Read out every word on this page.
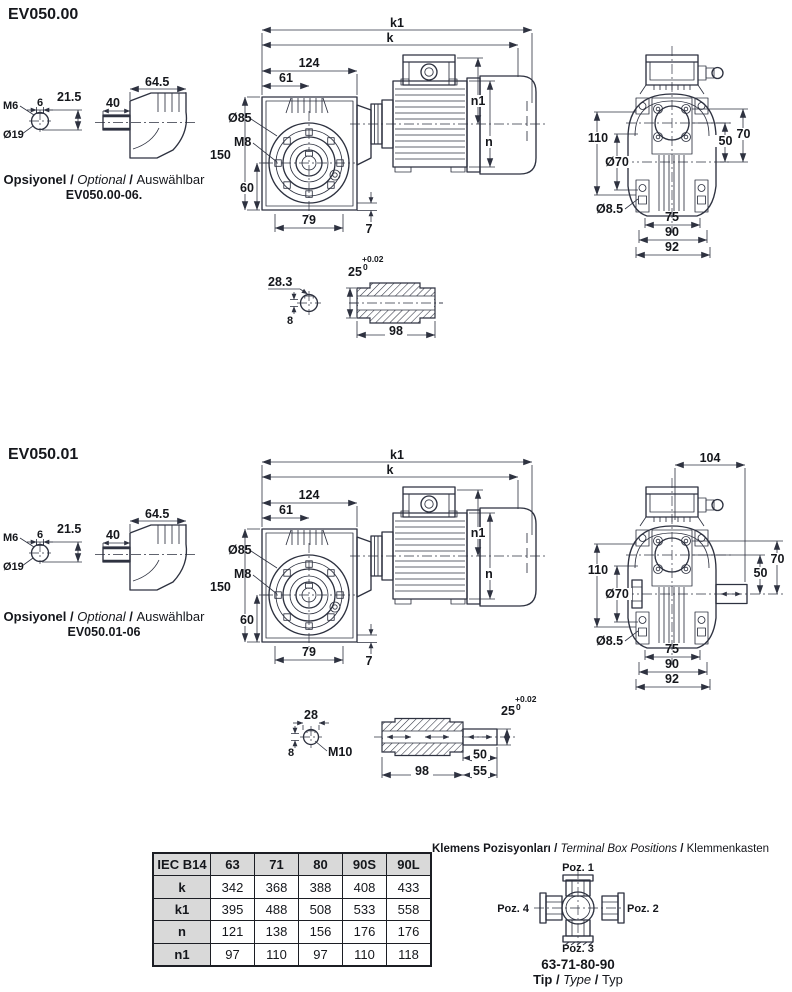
EV050.00
M6 6 21.5
Ø19
64.5
40
Opsiyonel / Optional / Auswählbar
EV050.00-06.
k1
k
124
61
Ø85
M8
150
60
79
7
n1
n	110
Ø70
50 70
Ø8.5
75
90
92
28.3
8
25
+0.02
0
98
EV050.01
M6 6 21.5
Ø19
64.5
40
Opsiyonel / Optional / Auswählbar
EV050.01-06
k1
k
124
61
Ø85
M8
150
60
79
7
n1
n
104
110
Ø70
50
70
Ø8.5
75
90
92
28
8	M10
25
+0.02
0
50
98	55
IEC B14	63	71	80	90S	90L
k	342	368	388	408	433
k1	395	488	508	533	558
n	121	138	156	176	176
n1	97	110	97	110	118
Klemens Pozisyonları / Terminal Box Positions / Klemmenkasten
Poz. 1
Poz. 2
Poz. 3
Poz. 4
63-71-80-90
Tip / Type / Typ
